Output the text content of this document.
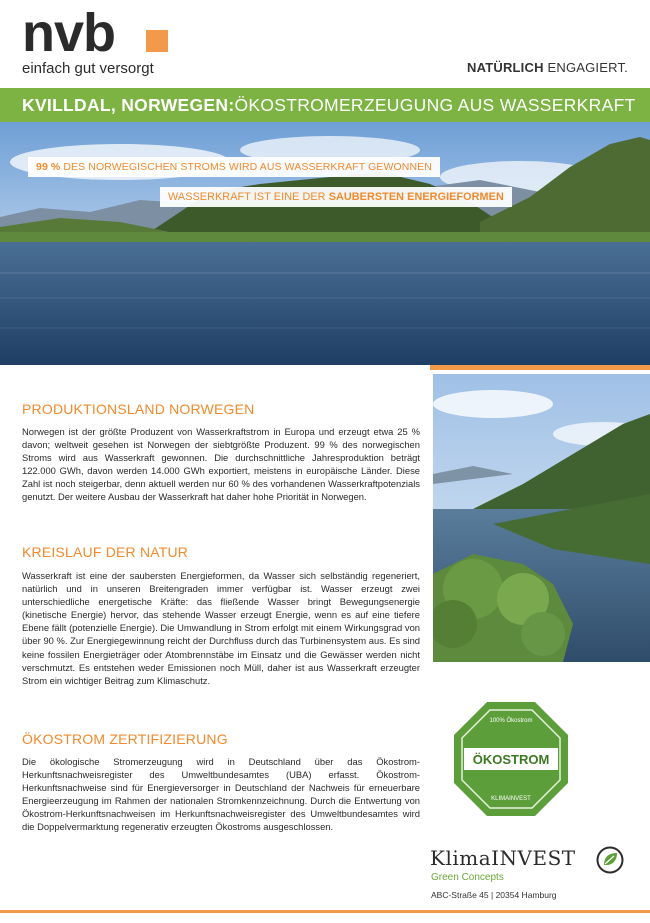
nvb
einfach gut versorgt	NATÜRLICH ENGAGIERT.
KVILLDAL, NORWEGEN: ÖKOSTROMERZEUGUNG AUS WASSERKRAFT
99 % DES NORWEGISCHEN STROMS WIRD AUS WASSERKRAFT GEWONNEN
WASSERKRAFT IST EINE DER SAUBERSTEN ENERGIEFORMEN
PRODUKTIONSLAND NORWEGEN
Norwegen ist der größte Produzent von Wasserkraftstrom in Europa und erzeugt etwa 25 % davon; weltweit gesehen ist Norwegen der siebtgrößte Produzent. 99 % des norwegischen Stroms wird aus Wasserkraft gewonnen. Die durchschnittliche Jahresproduktion beträgt 122.000 GWh, davon werden 14.000 GWh exportiert, meistens in europäische Länder. Diese Zahl ist noch steigerbar, denn aktuell werden nur 60 % des vorhandenen Wasserkraftpotenzials genutzt. Der weitere Ausbau der Wasserkraft hat daher hohe Priorität in Norwegen.
KREISLAUF DER NATUR
Wasserkraft ist eine der saubersten Energieformen, da Wasser sich selbständig regeneriert, natürlich und in unseren Breitengraden immer verfügbar ist. Wasser erzeugt zwei unterschiedliche energetische Kräfte: das fließende Wasser bringt Bewegungsenergie (kinetische Energie) hervor, das stehende Wasser erzeugt Energie, wenn es auf eine tiefere Ebene fällt (potenzielle Energie). Die Umwandlung in Strom erfolgt mit einem Wirkungsgrad von über 90 %. Zur Energiegewinnung reicht der Durchfluss durch das Turbinensystem aus. Es sind keine fossilen Energieträger oder Atombrennstäbe im Einsatz und die Gewässer werden nicht verschmutzt. Es entstehen weder Emissionen noch Müll, daher ist aus Wasserkraft erzeugter Strom ein wichtiger Beitrag zum Klimaschutz.
ÖKOSTROM ZERTIFIZIERUNG
Die ökologische Stromerzeugung wird in Deutschland über das Ökostrom-Herkunftsnachweisregister des Umweltbundesamtes (UBA) erfasst. Ökostrom-Herkunftsnachweise sind für Energieversorger in Deutschland der Nachweis für erneuerbare Energieerzeugung im Rahmen der nationalen Stromkennzeichnung. Durch die Entwertung von Ökostrom-Herkunftsnachweisen im Herkunftsnachweisregister des Umweltbundesamtes wird die Doppelvermarktung regenerativ erzeugten Ökostroms ausgeschlossen.
ÖKOSTROM
100% Ökostrom
KLIMAINVEST
KlimaINVEST
Green Concepts
ABC-Straße 45 | 20354 Hamburg
